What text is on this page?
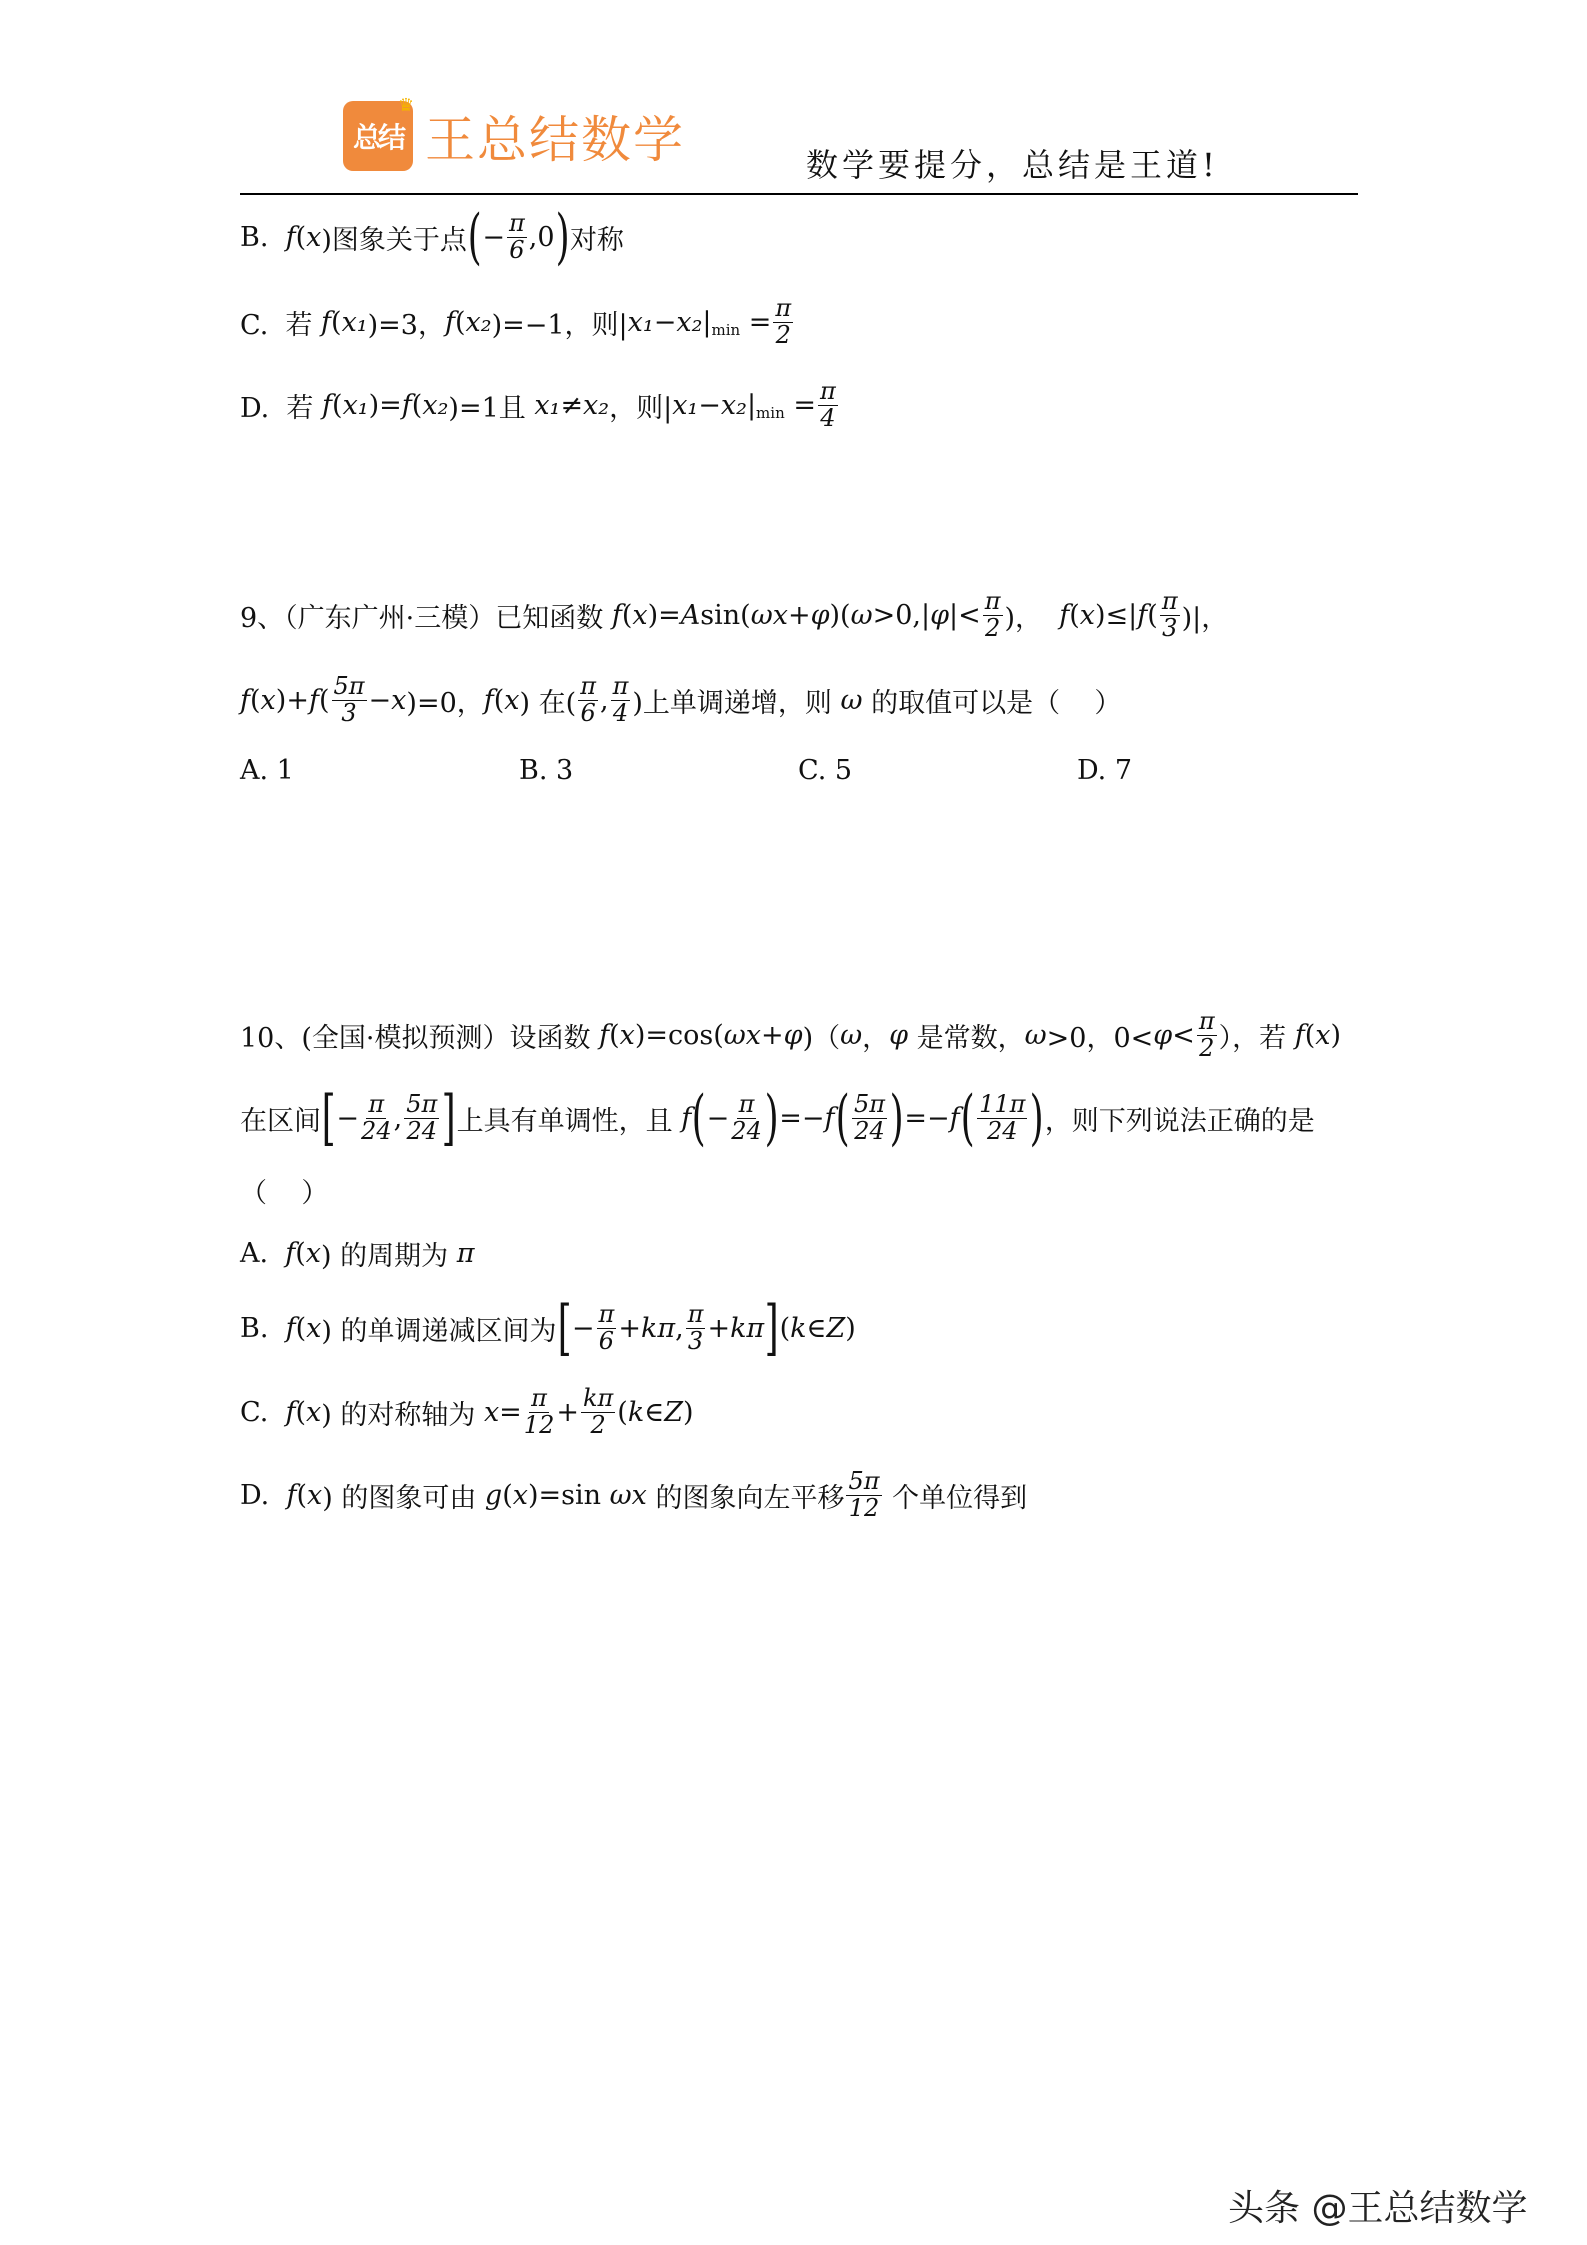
总结
♛
王总结数学	数学要提分，总结是王道!
B. f ( x )图象关于点 ( − $\frac{\pi}{6} ,0$ ) 对称
C.  若 f ( x₁ )=3， f ( x₂ )=−1，则| x₁ − x₂ | $\min = \frac{\pi}{2}$
D.  若 f ( x₁ )= f ( x₂ )=1且 x₁ ≠ x₂ ，则| x₁ − x₂ | $\min = \frac{\pi}{4}$
9、（广东广州·三模）已知函数 f ( x )= A sin( ωx + φ )( ω >0,| φ |< $\frac{\pi}{2}$ )， f ( x )≤| f ( $\frac{\pi}{3}$ )|，
f ( x )+ f ( $\frac{5\pi}{3} - x$ )=0， f ( x ) 在( $\frac{\pi}{6}$ , $\frac{\pi}{4}$ )上单调递增，则 ω 的取值可以是（    ）
10、(全国·模拟预测）设函数 f ( x )=cos( ωx + φ )（ ω ， φ 是常数， ω >0，$0< \varphi < \frac{\pi}{2}$ ），若 f ( x )
在区间 [ − $\frac{\pi}{24}$ , $\frac{5\pi}{24}$ ] 上具有单调性，且 f ( − $\frac{\pi}{24}$ ) =− f ( $\frac{5\pi}{24}$ ) =− f ( $\frac{11\pi}{24}$ ) ，则下列说法正确的是
（    ）
A. f ( x ) 的周期为 π
B. f ( x ) 的单调递减区间为 [ − $\frac{\pi}{6} + k\pi$ , $\frac{\pi}{3} + k\pi$ ] ( k ∈ Z )
C. f ( x ) 的对称轴为 $x = \frac{\pi}{12} + \frac{k\pi}{2}$ ( k ∈ Z )
D. f ( x ) 的图象可由 g ( x )=sin ωx 的图象向左平移 $\frac{5\pi}{12}$ 个单位得到
A. 1	B. 3	C. 5	D. 7
头条 @王总结数学
